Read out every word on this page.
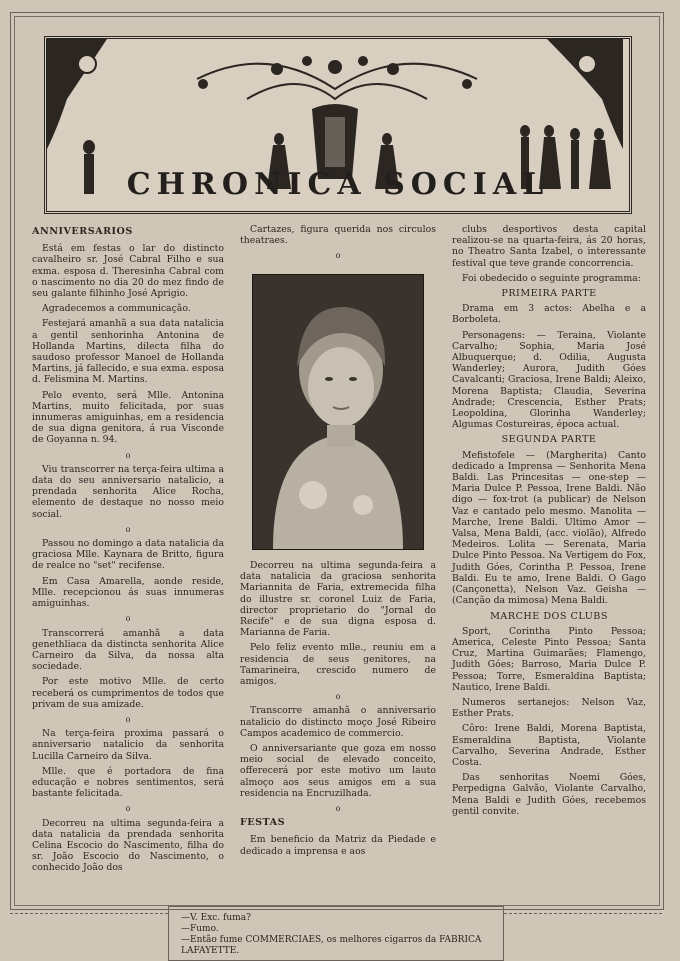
CHRONICA SOCIAL
ANNIVERSARIOS

Está em festas o lar do distincto cavalheiro sr. José Cabral Filho e sua exma. esposa d. Theresinha Cabral com o nascimento no dia 20 do mez findo de seu galante filhinho José Aprigio.

Agradecemos a communicação.

Festejará amanhã a sua data natalicia a gentil senhorinha Antonina de Hollanda Martins, dilecta filha do saudoso professor Manoel de Hollanda Martins, já fallecido, e sua exma. esposa d. Felismina M. Martins.

Pelo evento, será Mlle. Antonina Martins, muito felicitada, por suas innumeras amiguinhas, em a residencia de sua digna genitora, á rua Visconde de Goyanna n. 94.

o

Viu transcorrer na terça-feira ultima a data do seu anniversario natalicio, a prendada senhorita Alice Rocha, elemento de destaque no nosso meio social.

o

Passou no domingo a data natalicia da graciosa Mlle. Kaynara de Britto, figura de realce no "set" recifense.

Em Casa Amarella, aonde reside, Mlle. recepcionou ás suas innumeras amiguinhas.

o

Transcorrerá amanhã a data genethliaca da distincta senhorita Alice Carneiro da Silva, da nossa alta sociedade.

Por este motivo Mlle. de certo receberá os cumprimentos de todos que privam de sua amizade.

o

Na terça-feira proxima passará o anniversario natalicio da senhorita Lucilla Carneiro da Silva.

Mlle. que é portadora de fina educação e nobres sentimentos, será bastante felicitada.

o

Decorreu na ultima segunda-feira a data natalicia da prendada senhorita Celina Escocio do Nascimento, filha do sr. João Escocio do Nascimento, o conhecido João dos

Cartazes, figura querida nos circulos theatraes.

o

Decorreu na ultima segunda-feira a data natalicia da graciosa senhorita Mariannita de Faria, extremecida filha do illustre sr. coronel Luiz de Faria, director proprietario do "Jornal do Recife" e de sua digna esposa d. Marianna de Faria.

Pelo feliz evento mlle., reuniu em a residencia de seus genitores, na Tamarineira, crescido numero de amigos.

o

Transcorre amanhã o anniversario natalicio do distincto moço José Ribeiro Campos academico de commercio.

O anniversariante que goza em nosso meio social de elevado conceito, offerecerá por este motivo um lauto almoço aos seus amigos em a sua residencia na Encruzilhada.

o
FESTAS

Em beneficio da Matriz da Piedade e dedicado a imprensa e aos

clubs desportivos desta capital realizou-se na quarta-feira, ás 20 horas, no Theatro Santa Izabel, o interessante festival que teve grande concorrencia.

Foi obedecido o seguinte programma:

PRIMEIRA PARTE

Drama em 3 actos: Abelha e a Borboleta.

Personagens: — Teraina, Violante Carvalho; Sophia, Maria José Albuquerque; d. Odilia, Augusta Wanderley; Aurora, Judith Góes Cavalcanti; Graciosa, Irene Baldi; Aleixo, Morena Baptista; Claudia, Severina Andrade; Crescencia, Esther Prats; Leopoldina, Glorinha Wanderley; Algumas Costureiras, época actual.

SEGUNDA PARTE

Mefistofele — (Margherita) Canto dedicado a Imprensa — Senhorita Mena Baldi. Las Princesitas — one-step — Maria Dulce P. Pessoa, Irene Baldi. Não digo — fox-trot (a publicar) de Nelson Vaz e cantado pelo mesmo. Manolita — Marche, Irene Baldi. Ultimo Amor — Valsa, Mena Baldi, (acc. violão), Alfredo Medeiros. Lolita — Serenata, Maria Dulce Pinto Pessoa. Na Vertigem do Fox, Judith Góes, Corintha P. Pessoa, Irene Baldi. Eu te amo, Irene Baldi. O Gago (Cançonetta), Nelson Vaz. Geisha — (Canção da mimosa) Mena Baldi.

MARCHE DOS CLUBS

Sport, Corintha Pinto Pessoa; America, Celeste Pinto Pessoa; Santa Cruz, Martina Guimarães; Flamengo, Judith Góes; Barroso, Maria Dulce P. Pessoa; Torre, Esmeraldina Baptista; Nautico, Irene Baldi.

Numeros sertanejos: Nelson Vaz, Esther Prats.

Côro: Irene Baldi, Morena Baptista, Esmeraldina Baptista, Violante Carvalho, Severina Andrade, Esther Costa.

Das senhoritas Noemi Góes, Perpedigna Galvão, Violante Carvalho, Mena Baldi e Judith Góes, recebemos gentil convite.

—V. Exc. fuma?
—Fumo.
—Então fume COMMERCIAES, os melhores cigarros da FABRICA LAFAYETTE.
